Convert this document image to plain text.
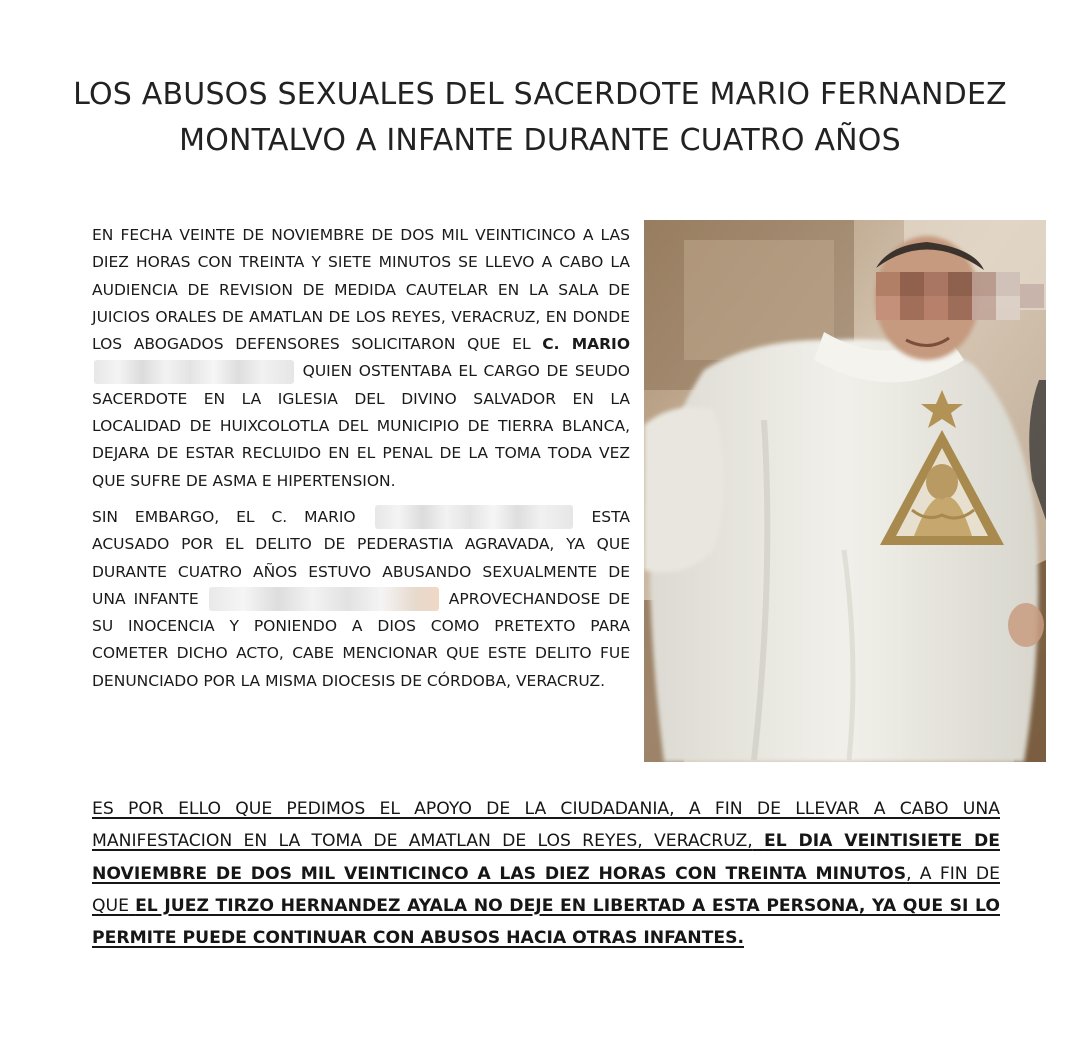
LOS ABUSOS SEXUALES DEL SACERDOTE MARIO FERNANDEZ
MONTALVO A INFANTE DURANTE CUATRO AÑOS

EN FECHA VEINTE DE NOVIEMBRE DE DOS MIL VEINTICINCO A LAS DIEZ HORAS CON TREINTA Y SIETE MINUTOS SE LLEVO A CABO LA AUDIENCIA DE REVISION DE MEDIDA CAUTELAR EN LA SALA DE JUICIOS ORALES DE AMATLAN DE LOS REYES, VERACRUZ, EN DONDE LOS ABOGADOS DEFENSORES SOLICITARON QUE EL C. MARIO QUIEN OSTENTABA EL CARGO DE SEUDO SACERDOTE EN LA IGLESIA DEL DIVINO SALVADOR EN LA LOCALIDAD DE HUIXCOLOTLA DEL MUNICIPIO DE TIERRA BLANCA, DEJARA DE ESTAR RECLUIDO EN EL PENAL DE LA TOMA TODA VEZ QUE SUFRE DE ASMA E HIPERTENSION.

SIN EMBARGO, EL C. MARIO	ESTA ACUSADO POR EL DELITO DE PEDERASTIA AGRAVADA, YA QUE DURANTE CUATRO AÑOS ESTUVO ABUSANDO SEXUALMENTE DE UNA INFANTE	APROVECHANDOSE DE SU INOCENCIA Y PONIENDO A DIOS COMO PRETEXTO PARA COMETER DICHO ACTO, CABE MENCIONAR QUE ESTE DELITO FUE DENUNCIADO POR LA MISMA DIOCESIS DE CÓRDOBA, VERACRUZ.

ES POR ELLO QUE PEDIMOS EL APOYO DE LA CIUDADANIA, A FIN DE LLEVAR A CABO UNA MANIFESTACION EN LA TOMA DE AMATLAN DE LOS REYES, VERACRUZ, EL DIA VEINTISIETE DE NOVIEMBRE DE DOS MIL VEINTICINCO A LAS DIEZ HORAS CON TREINTA MINUTOS, A FIN DE QUE EL JUEZ TIRZO HERNANDEZ AYALA NO DEJE EN LIBERTAD A ESTA PERSONA, YA QUE SI LO PERMITE PUEDE CONTINUAR CON ABUSOS HACIA OTRAS INFANTES.
